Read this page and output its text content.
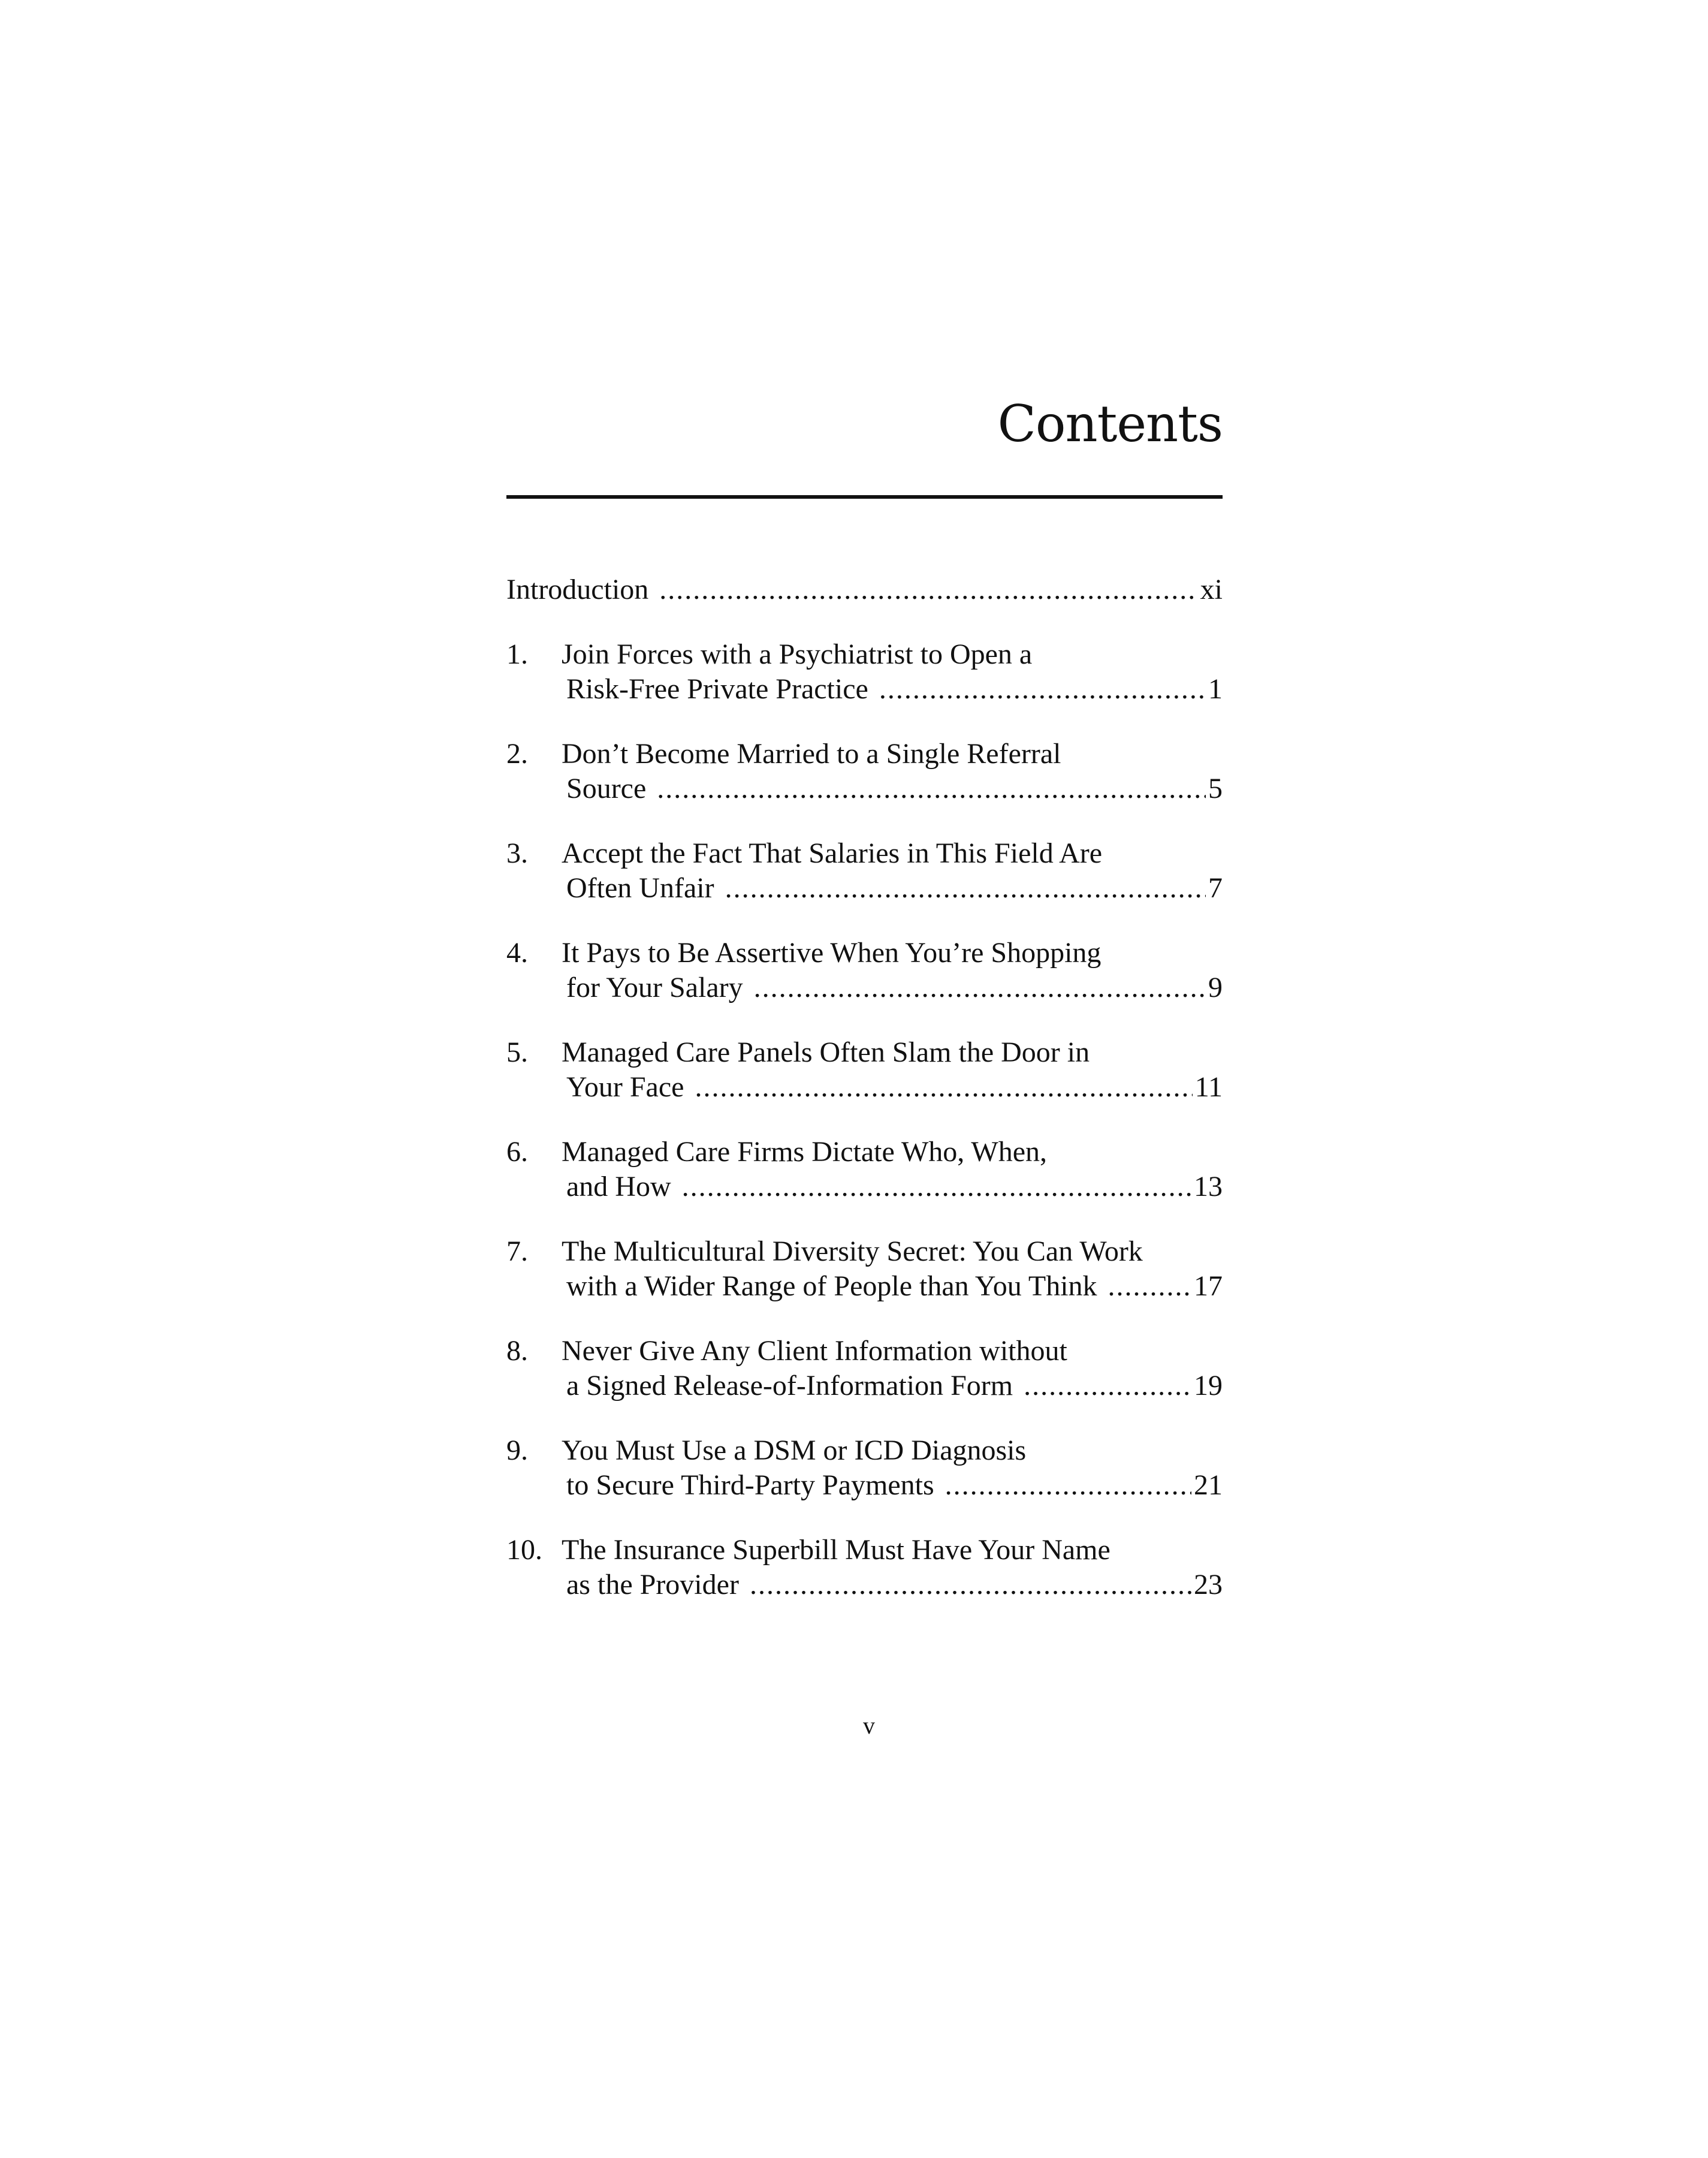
Contents
Introduction .....	xi
1.	Join Forces with a Psychiatrist to Open a
Risk-Free Private Practice .....	1
2.	Don’t Become Married to a Single Referral
Source .....	5
3.	Accept the Fact That Salaries in This Field Are
Often Unfair .....	7
4.	It Pays to Be Assertive When You’re Shopping
for Your Salary .....	9
5.	Managed Care Panels Often Slam the Door in
Your Face .....	11
6.	Managed Care Firms Dictate Who, When,
and How .....	13
7.	The Multicultural Diversity Secret: You Can Work
with a Wider Range of People than You Think .....	17
8.	Never Give Any Client Information without
a Signed Release-of-Information Form .....	19
9.	You Must Use a DSM or ICD Diagnosis
to Secure Third-Party Payments .....	21
10. The Insurance Superbill Must Have Your Name
as the Provider .....	23
v
